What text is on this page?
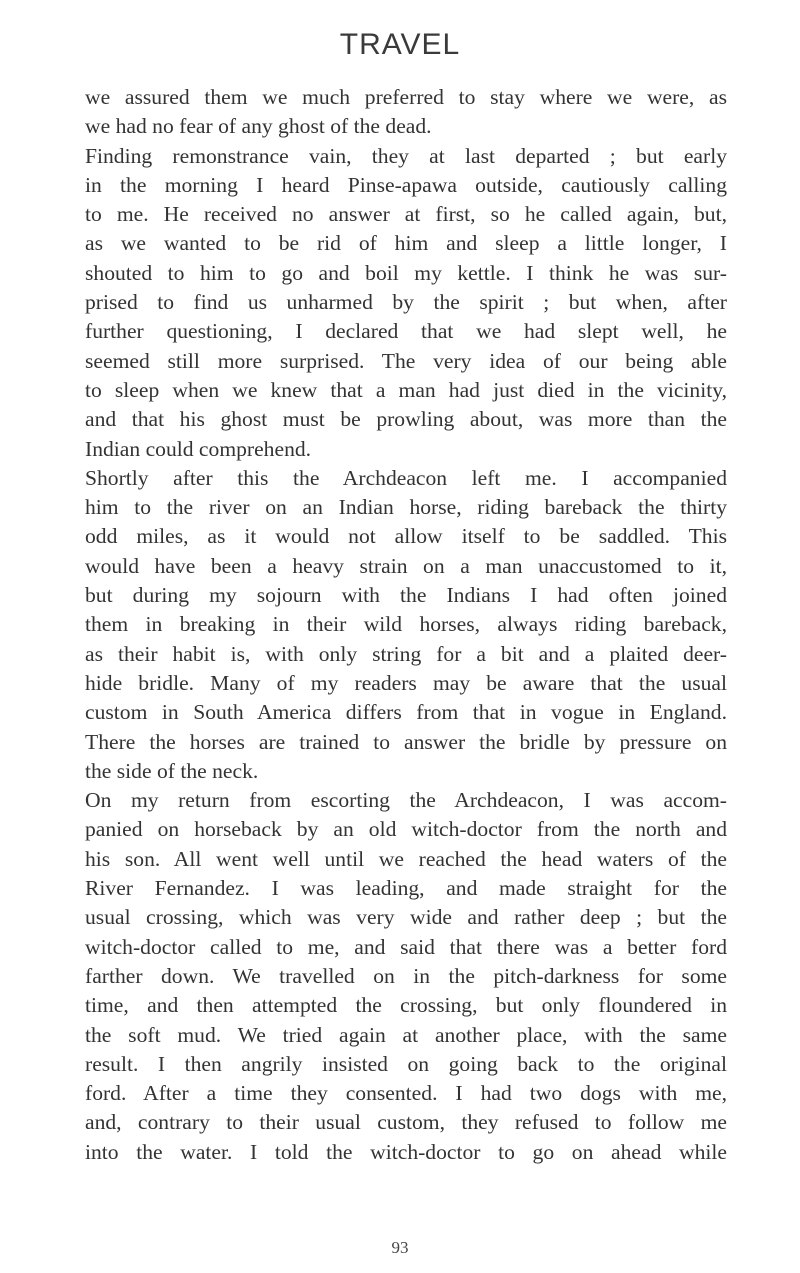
TRAVEL
we assured them we much preferred to stay where we were, as
we had no fear of any ghost of the dead.
Finding remonstrance vain, they at last departed ; but early
in the morning I heard Pinse-apawa outside, cautiously calling
to me. He received no answer at first, so he called again, but,
as we wanted to be rid of him and sleep a little longer, I
shouted to him to go and boil my kettle. I think he was sur-
prised to find us unharmed by the spirit ; but when, after
further questioning, I declared that we had slept well, he
seemed still more surprised. The very idea of our being able
to sleep when we knew that a man had just died in the vicinity,
and that his ghost must be prowling about, was more than the
Indian could comprehend.
Shortly after this the Archdeacon left me. I accompanied
him to the river on an Indian horse, riding bareback the thirty
odd miles, as it would not allow itself to be saddled. This
would have been a heavy strain on a man unaccustomed to it,
but during my sojourn with the Indians I had often joined
them in breaking in their wild horses, always riding bareback,
as their habit is, with only string for a bit and a plaited deer-
hide bridle. Many of my readers may be aware that the usual
custom in South America differs from that in vogue in England.
There the horses are trained to answer the bridle by pressure on
the side of the neck.
On my return from escorting the Archdeacon, I was accom-
panied on horseback by an old witch-doctor from the north and
his son. All went well until we reached the head waters of the
River Fernandez. I was leading, and made straight for the
usual crossing, which was very wide and rather deep ; but the
witch-doctor called to me, and said that there was a better ford
farther down. We travelled on in the pitch-darkness for some
time, and then attempted the crossing, but only floundered in
the soft mud. We tried again at another place, with the same
result. I then angrily insisted on going back to the original
ford. After a time they consented. I had two dogs with me,
and, contrary to their usual custom, they refused to follow me
into the water. I told the witch-doctor to go on ahead while
93
